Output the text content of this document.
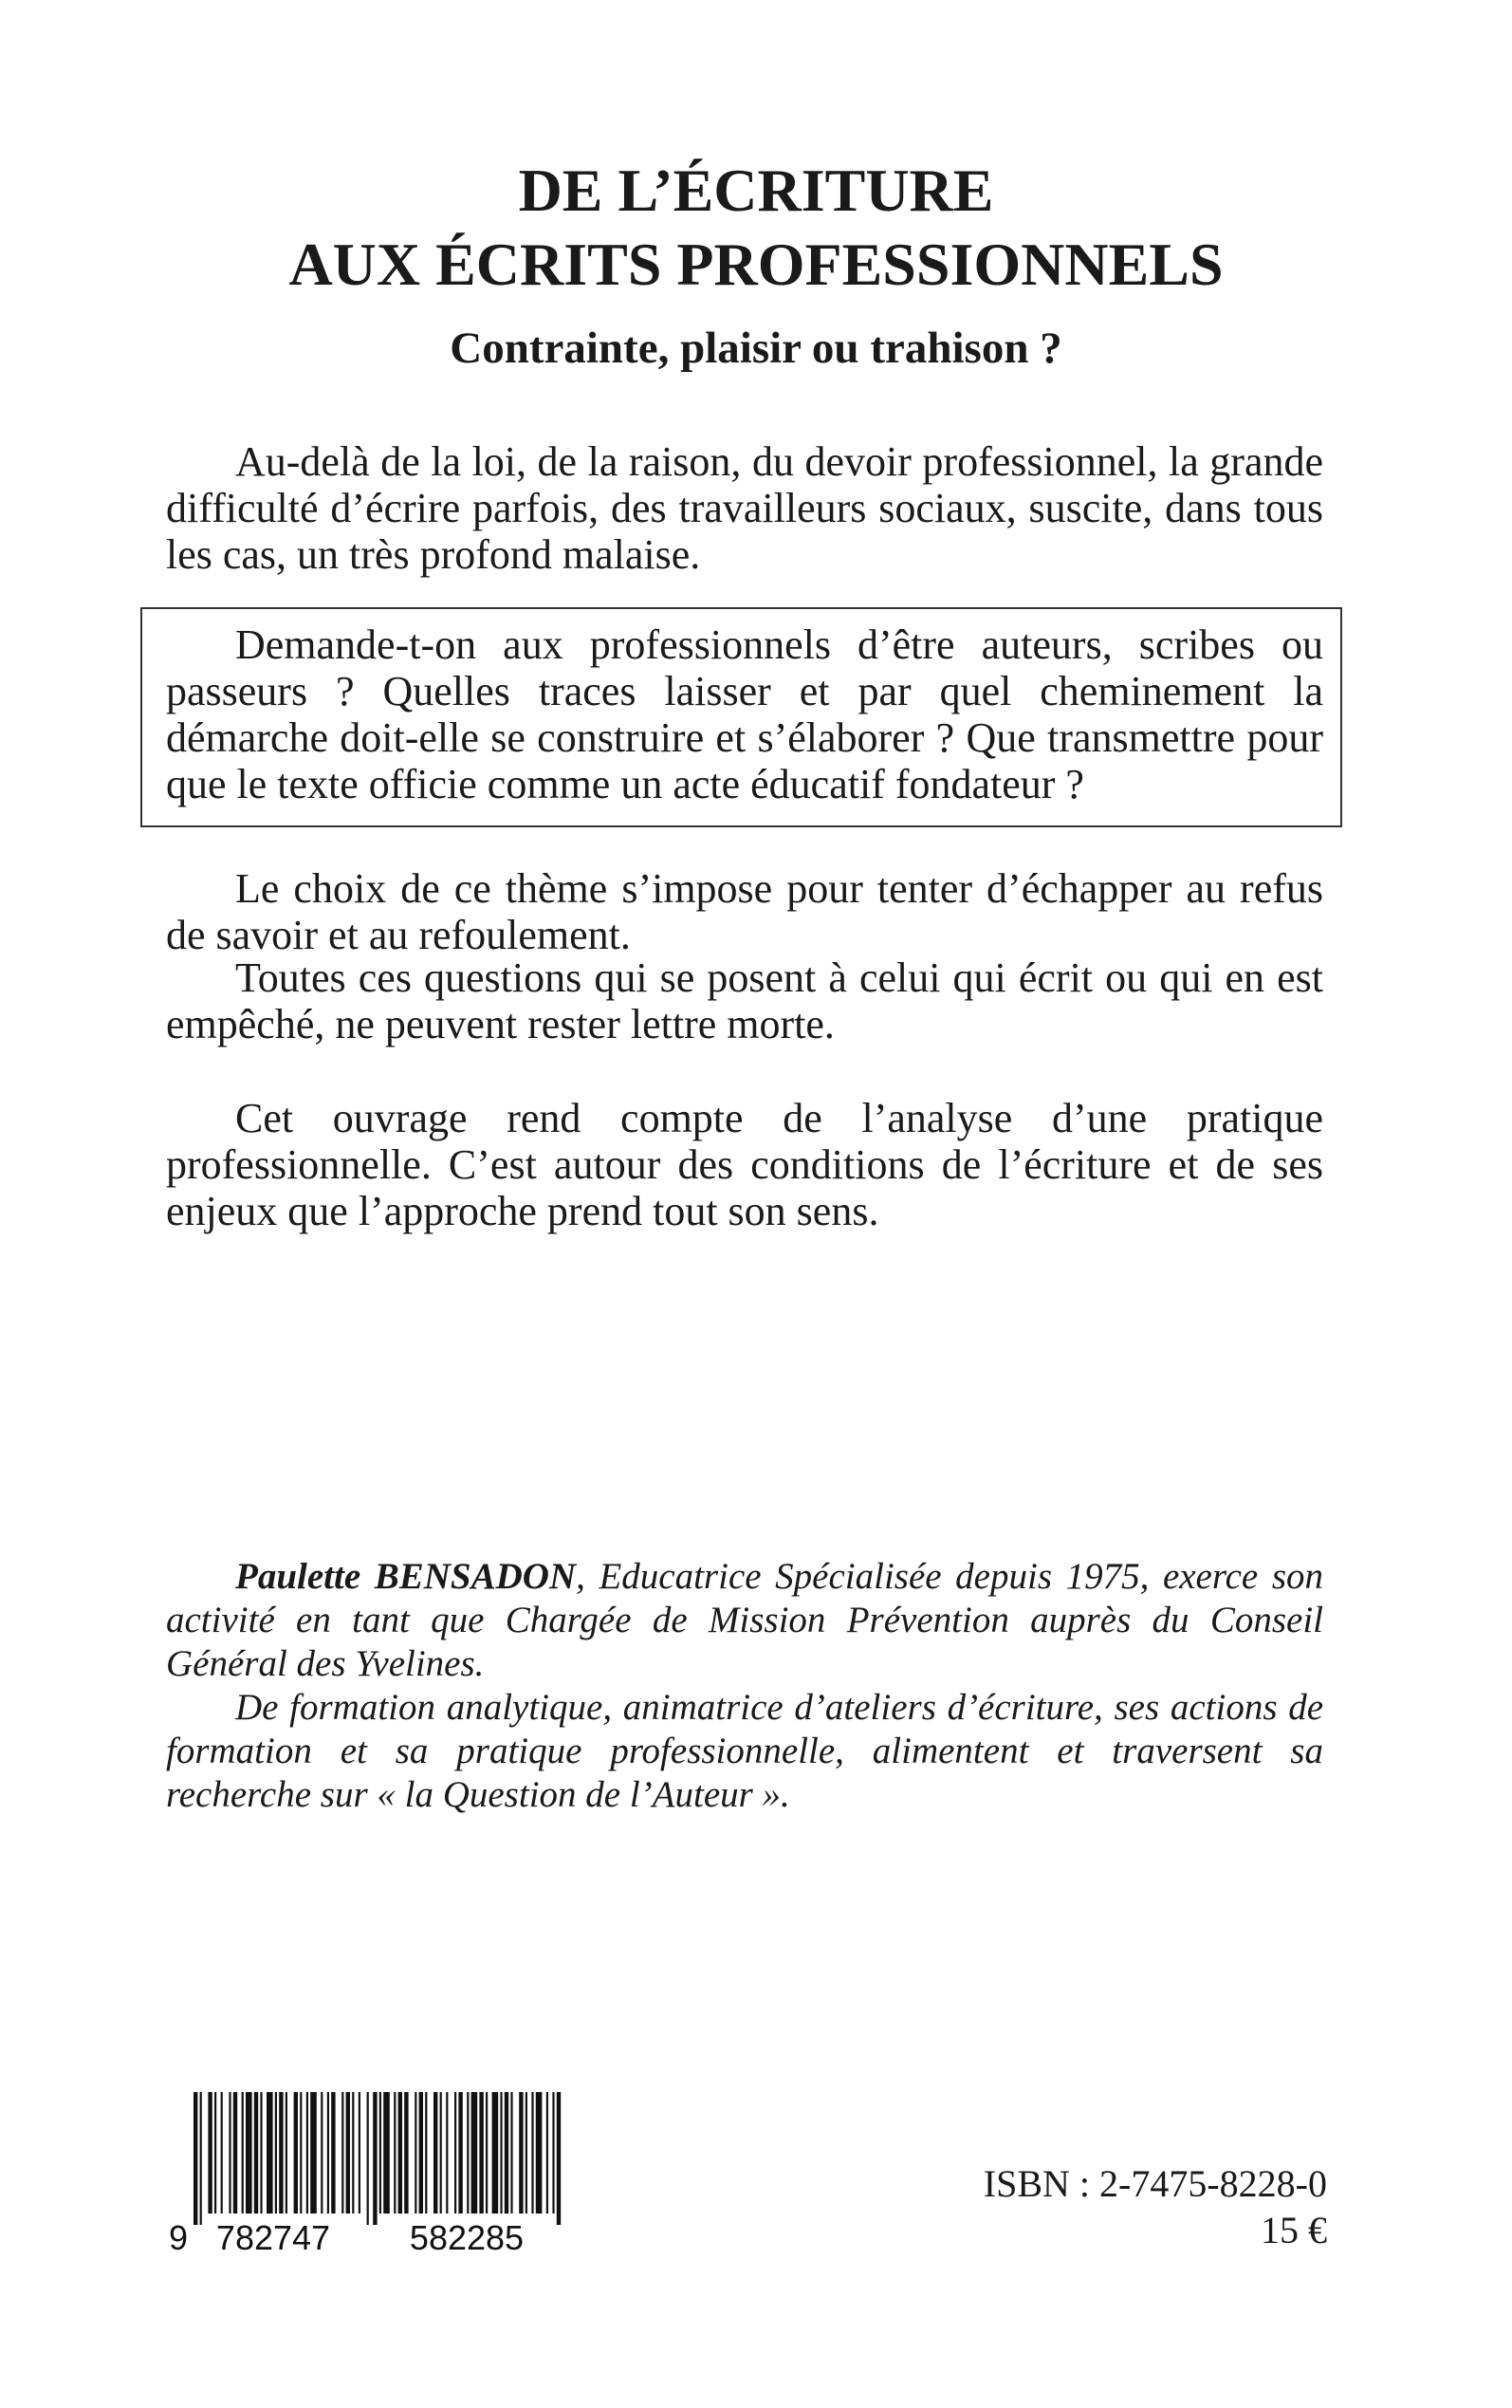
DE L’ÉCRITURE
AUX ÉCRITS PROFESSIONNELS
Contrainte, plaisir ou trahison ?

Au-delà de la loi, de la raison, du devoir professionnel, la grande difficulté d’écrire parfois, des travailleurs sociaux, suscite, dans tous les cas, un très profond malaise.

Demande-t-on aux professionnels d’être auteurs, scribes ou passeurs ? Quelles traces laisser et par quel cheminement la démarche doit-elle se construire et s’élaborer ? Que transmettre pour que le texte officie comme un acte éducatif fondateur ?

Le choix de ce thème s’impose pour tenter d’échapper au refus de savoir et au refoulement.

Toutes ces questions qui se posent à celui qui écrit ou qui en est empêché, ne peuvent rester lettre morte.

Cet ouvrage rend compte de l’analyse d’une pratique professionnelle. C’est autour des conditions de l’écriture et de ses enjeux que l’approche prend tout son sens.

Paulette BENSADON, Educatrice Spécialisée depuis 1975, exerce son activité en tant que Chargée de Mission Prévention auprès du Conseil Général des Yvelines.

De formation analytique, animatrice d’ateliers d’écriture, ses actions de formation et sa pratique professionnelle, alimentent et traversent sa recherche sur « la Question de l’Auteur ».

9 782747 582285

ISBN : 2-7475-8228-0

15 €
